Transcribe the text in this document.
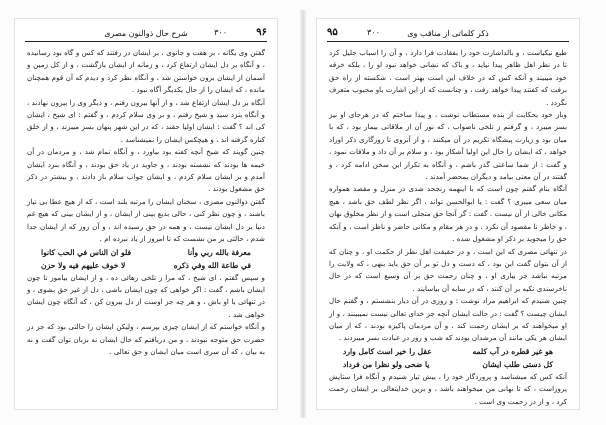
۹۶
شرح حال ذوالنون مصری	۳۰۰

گفتن وی یگانه ، بر هفت و جانوی ، بر ایشان در رفتند که کس و گاه بود رسانیده ، و آنگاه بر دل ایشان ارتفاع کرد ، و زمانه از ایشان بازگشت ، و از کل زمین و آسمان از ایشان برون خواستن شد ، و آنگاه نظر کرد و دیدم که آن قوم همچنان مانده ، که ایشان را از حال یکدیگر آگاه نبود .

آنگاه بر دل ایشان ارتفاع شد ، و از آنها بیرون رفتم ، و دیگر وی را بیرون نهادند ، و آنگاه بنزد سید و شیخ رفتم ، و بر وی سلام کردم ، و گفتم : ای شیخ ، ایشان کی اند ؟ گفت : ایشان اولیا حقند ، که در این شهر پنهان بسر میبرند ، و از خلق کناره گرفته اند ، و هیچکس ایشان را نمیشناسد .

چنین گویند که شیخ آنچه کفته بود بیاورد ، و آنگاه تمام شد ، و مردمان در آن خیمه ها بودند که نشسته بودند ، و جاوید در یاد حق بودند ، و آنگاه بنزد ایشان آمدم و بر ایشان سلام کردم ، و ایشان جواب سلام باز دادند ، و بیشتر در ذکر حق مشغول بودند .

گفتن ذوالنون مصری ، سخنان ایشان را مرتبه بلند است ، که از هیچ عطا بی نیاز باشند ، و چون نظر کنی ، حالی بدیع بینی از ایشان ، و از ایشان بینی که هیچ غم دنیا بر دل ایشان نیست ، و همه در حق رسیده اند ، و آن روز که از ایشان جدا شدم ، حالتی بر من نشست که تا امروز از یاد نبرده ام .

معرفة بالله ربي وأنا
فلو ان الناس في الحب كانوا
في طاعة الله وفي ذكره
لا خوف عليهم فيه ولا حزن

و سپس گفتم ، ای شیخ ، که مرا ز تلخی رهائی ده ، و از ایشان بیاموز تا چون ایشان باشم ، گفت : اگر خواهی که چون ایشان باشی ، دل از غیر حق بشوی ، و در تنهائی با او باش ، و هر چه جز اوست از دل بیرون کن ، که آنگاه چون ایشان خواهی شد .

و آنگاه خواستم که از ایشان چیزی بپرسم ، ولیکن ایشان را حالتی بود که جز در حضرت حق متوجه نبودند ، و من دریافتم که حال ایشان نه بزبان توان گفت و نه به بیان ، که آن سری است میان ایشان و حق تعالی .

۹۵	ذکر کلماتی از مناقب وی
۳۰۰

طبع نیکیاست ، و بالداشارت خود را بفقادت فرا دارد ، و آن را اسباب جلیل کرد تا در نظر اهل ظاهر پیدا نیاید ، و باک که نشانی خواهد نبود او را ، بلکه خرقه خود میبیند و آنکه کس که در خلاف این است بهتر است ، شکسته از راه حق برفت که کفتند پیدا خواهد رفت ، و چنانست که از این اشارت باو محبوب متعرف نگردد .

وباز خود بحکایت از بنده مستطاب نوشت ، و پیدا ساختم که در هرجای او نیز بسر میبرد ، و گرفتم ز تلخی ناصواب ، که نور آن از ملاقاتی بیمار بود ، که با میان بود و زیارت پیشگاه تکریم در آن میکنند ، و از آنروی تا روزگاری ذکر اوراد خواهد ، که ایشان را حال این اولیا آشکار بود ، و سلام بر آن داد و ملاقات نمود ، و گفت : از شما ساعتی گذر باشم ، و آنگاه به تکرار این سخن ادامه کرد ، و گفتند در آن معنی بیامد و دیگران بمحضر آمدند .

آنگاه بنام گفتم چون است که با اینهمه رنجحد شدی در منزل و مقصد همواره میان سعی میبری ؟ گفت : یا ابوالحسن تواند ، اگر نظر لطف حق باشد ، هیچ مکانی خالی از آن نیست . گفت : گر آنجا حق متجلی است و از نظر مخلوق نهان ، و خاطر تا مقصود آن نکرد ، و در هر مقام و مکانی حاضر و ناظر است ، و آنکه حق را میجوید بر ذکر او مشغول شده .

در تنهائی مصری که این است ، و در حقیقت اهل نظر از حکمت او ، و چنان که از آن بتوان گفت این بود ، که دست و دل تو بر آن حق باید بنهی ، که ولایت را مرتبه نباشد جز بیاری او ، و چنان رحمت حق بر آن وسیع است که در حال ناخرسندی تکیه بر آن کنند ، که در سایه آن بیاسایند .

چنین شنیدم که ابراهیم مراد نوشت : و روزی در آن دیار بنشستم ، و گفتم حال ایشان چیست ؟ گفت : در حالت ایشان آنچه جز خدای تعالی نیست نمیبینند ، و از او میخواهند که بر ایشان رحمت کند ، و آن مردمان پاکیزه بودند ، که از میان ایشان هر یکی مانند آن مرشدان بودند که شب و روز در عبادت بسر میبردند .

هو غیر قطره در آب کلمه
عقل را خیر است کامل وارد
کل دستی طلب ایشان
یا ضحی ولو نظرا من فرداد

آنکه کس که میشناسد و پروردگار خود را ، بیش تیار شنیدم و آنگاه فرا ستایش پروراست ، که تا نهانی من میخواهند باشد ، و برین خدایتعالی بر ایشان رحمت کرد ، و از در رحمت وی است .
